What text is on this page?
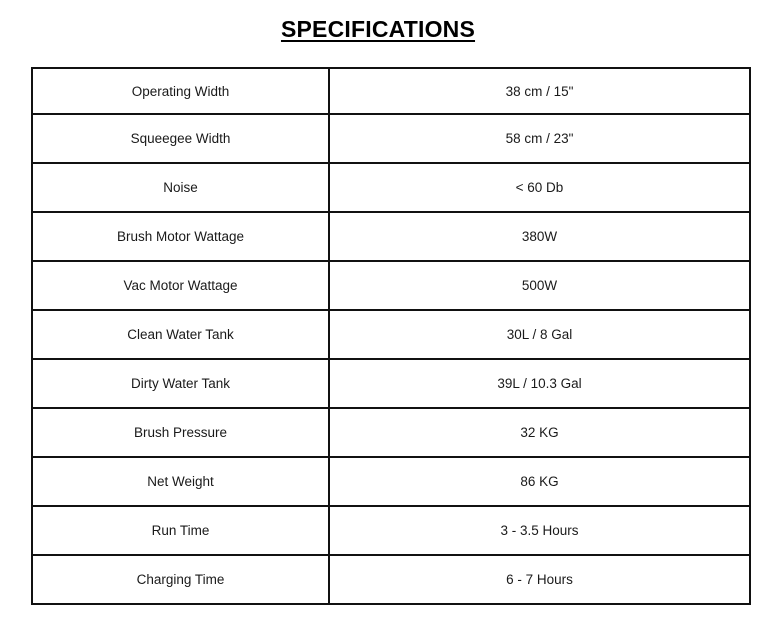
SPECIFICATIONS
Operating Width	38 cm / 15"
Squeegee Width	58 cm / 23"
Noise	< 60 Db
Brush Motor Wattage	380W
Vac Motor Wattage	500W
Clean Water Tank	30L / 8 Gal
Dirty Water Tank	39L / 10.3 Gal
Brush Pressure	32 KG
Net Weight	86 KG
Run Time	3 - 3.5 Hours
Charging Time	6 - 7 Hours
